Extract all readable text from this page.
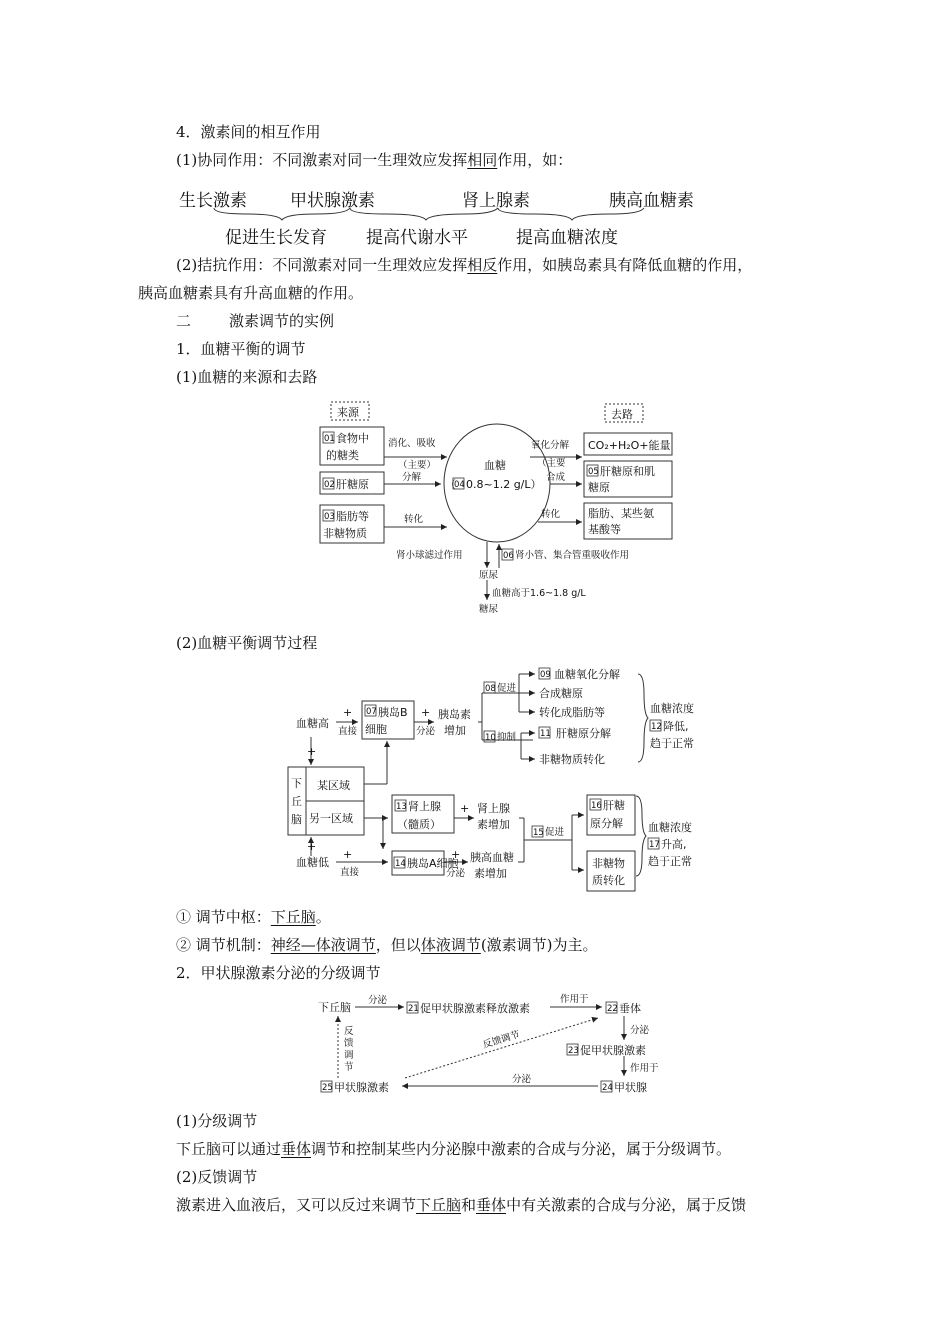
4．激素间的相互作用
(1)协同作用：不同激素对同一生理效应发挥相同作用，如：
生长激素	甲状腺激素	肾上腺素	胰高血糖素
促进生长发育 提高代谢水平	提高血糖浓度
(2)拮抗作用：不同激素对同一生理效应发挥相反作用，如胰岛素具有降低血糖的作用，
胰高血糖素具有升高血糖的作用。
二	激素调节的实例
1．血糖平衡的调节
(1)血糖的来源和去路
来源	去路
01 食物中
的糖类
02 肝糖原
03 脂肪等
非糖物质
消化、吸收
（主要）
分解
转化
血糖
（
04 0.8~1.2 g/L）
氧化分解
（主要
合成
转化
CO₂+H₂O+能量
05 肝糖原和肌
糖原
脂肪、某些氨
基酸等
肾小球滤过作用	06 肾小管、集合管重吸收作用
原尿
血糖高于1.6~1.8 g/L
糖尿
(2)血糖平衡调节过程
血糖高
+
直接
07 胰岛B
细胞
+
分泌
胰岛素
增加
08 促进
09 血糖氧化分解
合成糖原
转化成脂肪等
10 抑制	11 肝糖原分解
非糖物质转化
血糖浓度
12 降低,
趋于正常
+
下
丘
脑
某区域
另一区域
13 肾上腺
（髓质）
+ 肾上腺
素增加
15 促进
16 肝糖
原分解
非糖物
质转化
血糖浓度
17 升高,
趋于正常
+
血糖低
+
直接
14 胰岛A细胞
+
分泌
胰高血糖
素增加
① 调节中枢：下丘脑。
② 调节机制：神经—体液调节，但以体液调节(激素调节)为主。
2．甲状腺激素分泌的分级调节
下丘脑
分泌
21 促甲状腺激素释放激素
作用于
22 垂体
分泌
23 促甲状腺激素
作用于
24 甲状腺
分泌
25 甲状腺激素
反馈调节
反
馈
调
节
(1)分级调节
下丘脑可以通过垂体调节和控制某些内分泌腺中激素的合成与分泌，属于分级调节。
(2)反馈调节
激素进入血液后，又可以反过来调节下丘脑和垂体中有关激素的合成与分泌，属于反馈
